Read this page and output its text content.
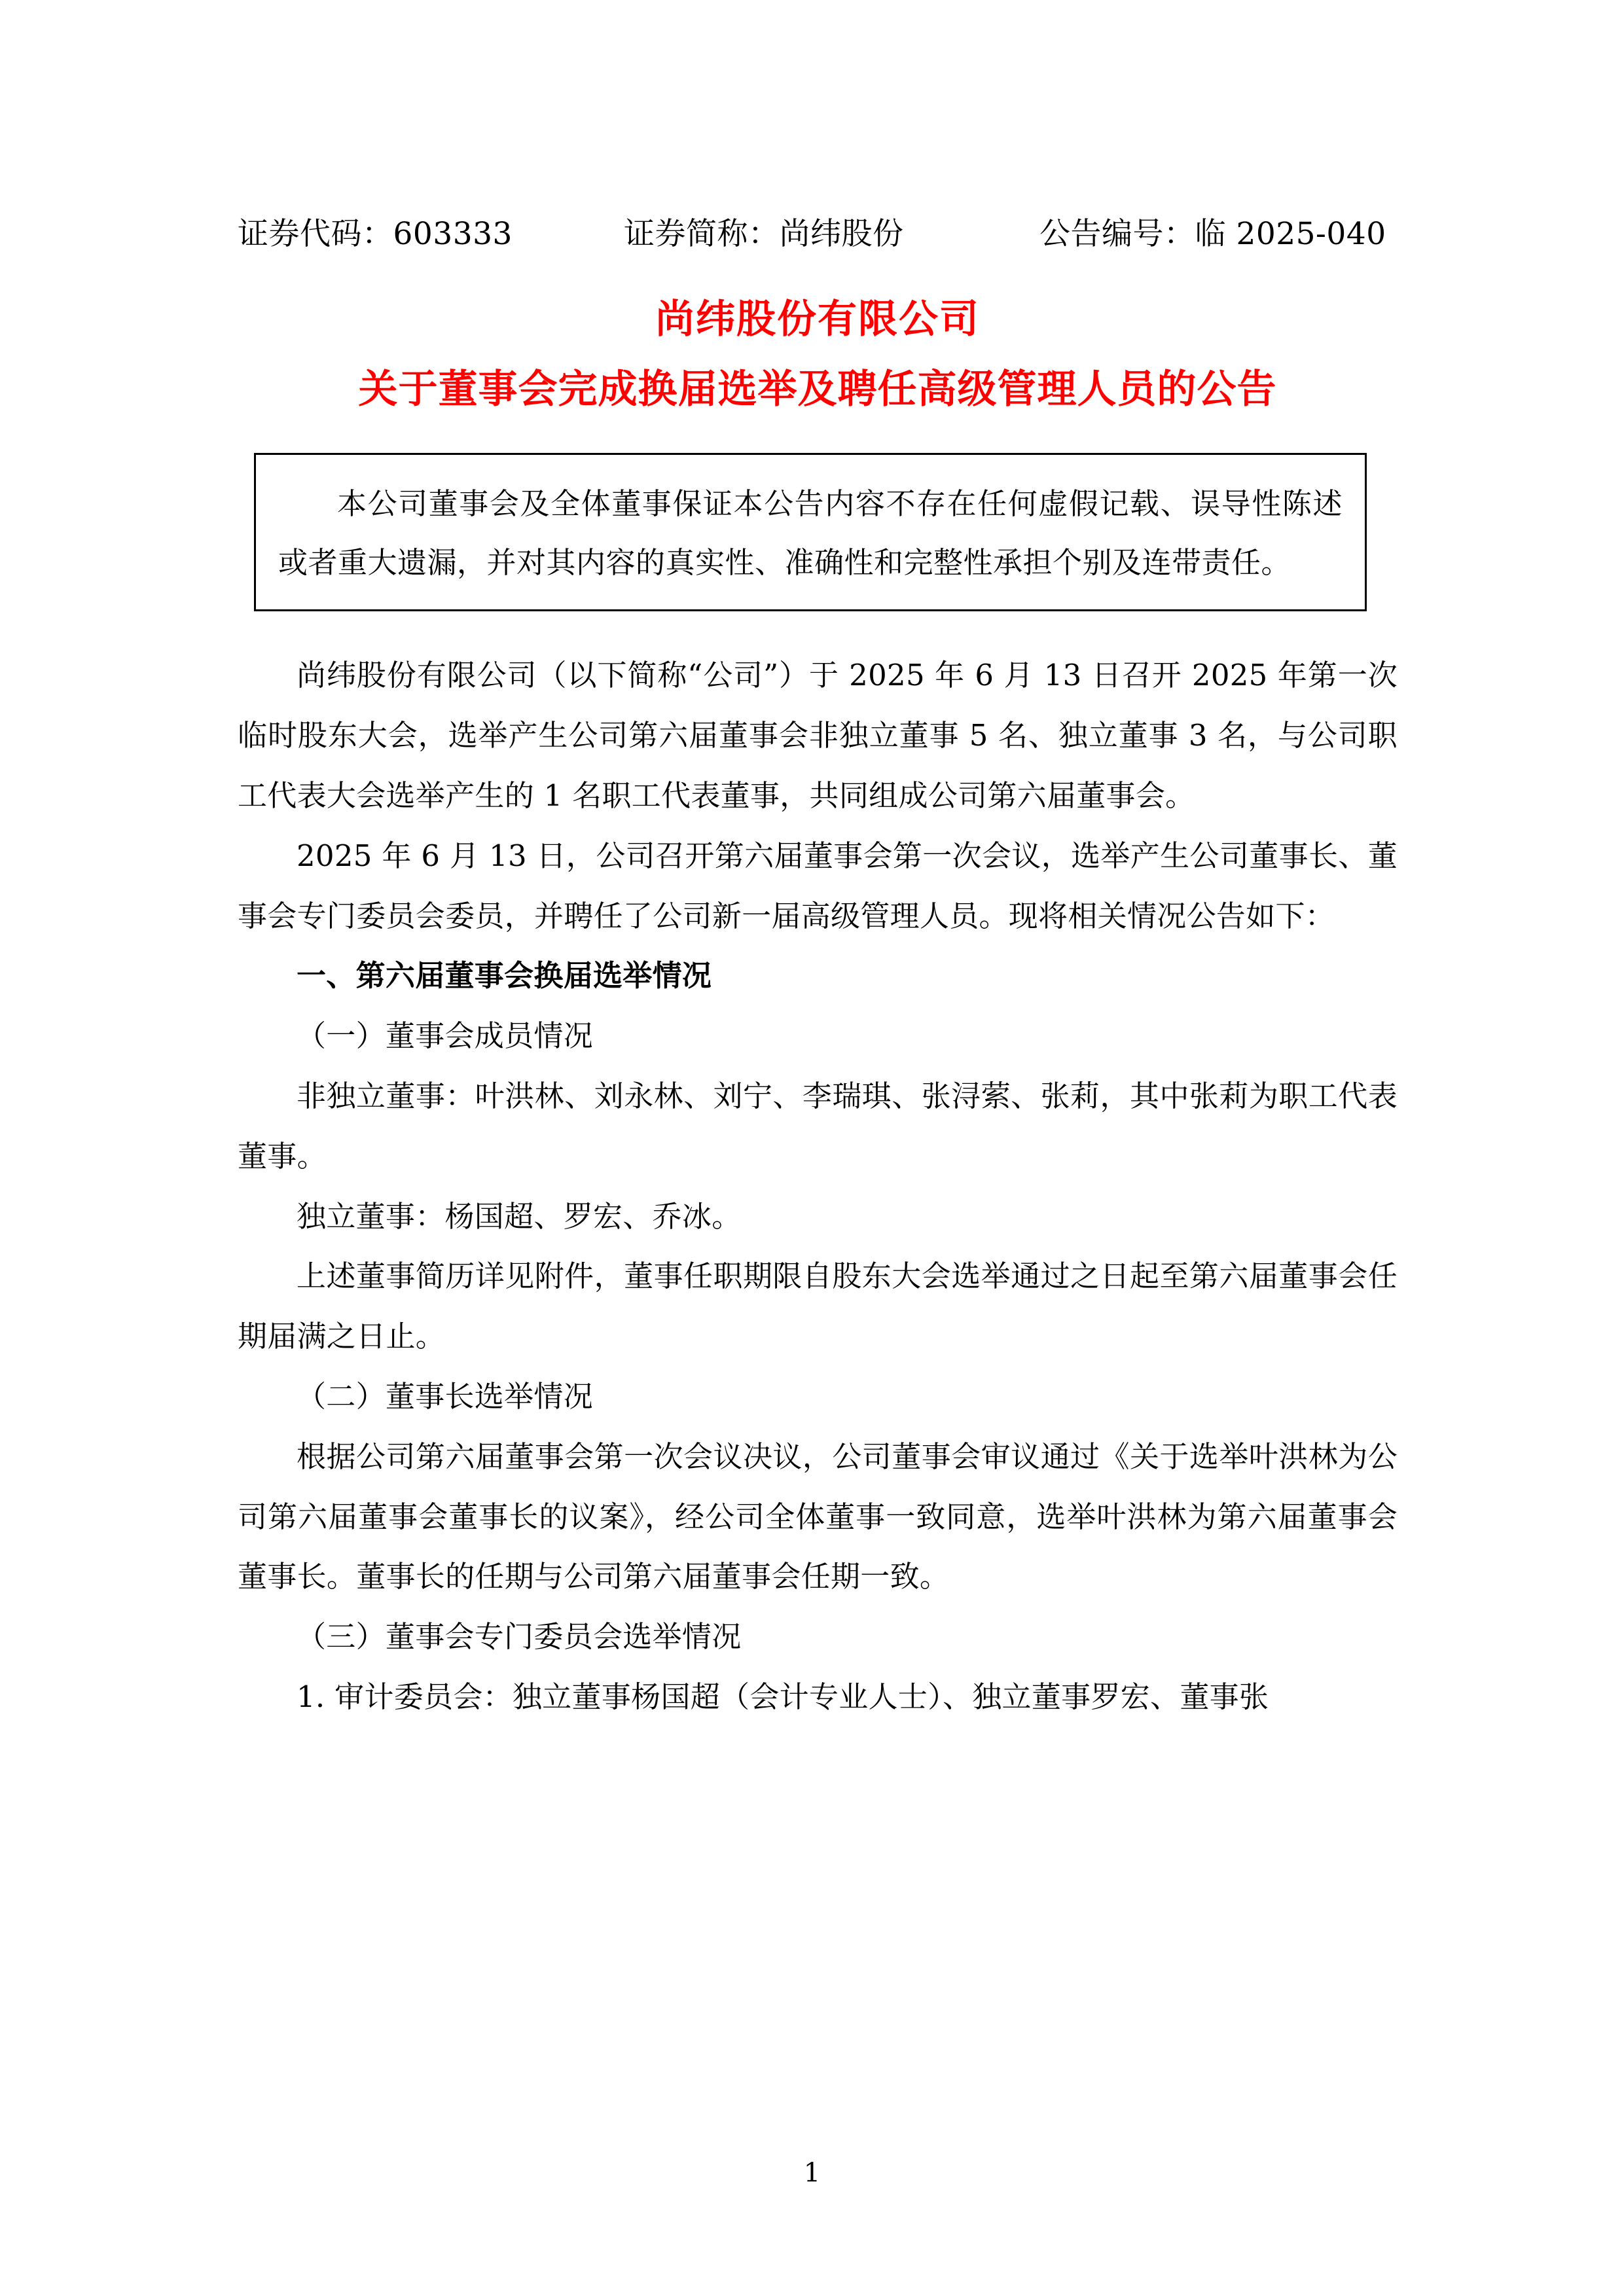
证券代码：603333	证券简称：尚纬股份	公告编号：临 2025-040
尚纬股份有限公司
关于董事会完成换届选举及聘任高级管理人员的公告
本公司董事会及全体董事保证本公告内容不存在任何虚假记载、误导性陈述或者重大遗漏，并对其内容的真实性、准确性和完整性承担个别及连带责任。

尚纬股份有限公司（以下简称“公司”）于 2025 年 6 月 13 日召开 2025 年第一次临时股东大会，选举产生公司第六届董事会非独立董事 5 名、独立董事 3 名，与公司职工代表大会选举产生的 1 名职工代表董事，共同组成公司第六届董事会。

2025 年 6 月 13 日，公司召开第六届董事会第一次会议，选举产生公司董事长、董事会专门委员会委员，并聘任了公司新一届高级管理人员。现将相关情况公告如下：

一、第六届董事会换届选举情况

（一）董事会成员情况

非独立董事：叶洪林、刘永林、刘宁、李瑞琪、张浔萦、张莉，其中张莉为职工代表董事。

独立董事：杨国超、罗宏、乔冰。

上述董事简历详见附件，董事任职期限自股东大会选举通过之日起至第六届董事会任期届满之日止。

（二）董事长选举情况

根据公司第六届董事会第一次会议决议，公司董事会审议通过《关于选举叶洪林为公司第六届董事会董事长的议案》，经公司全体董事一致同意，选举叶洪林为第六届董事会董事长。董事长的任期与公司第六届董事会任期一致。

（三）董事会专门委员会选举情况

1. 审计委员会：独立董事杨国超（会计专业人士）、独立董事罗宏、董事张

1
